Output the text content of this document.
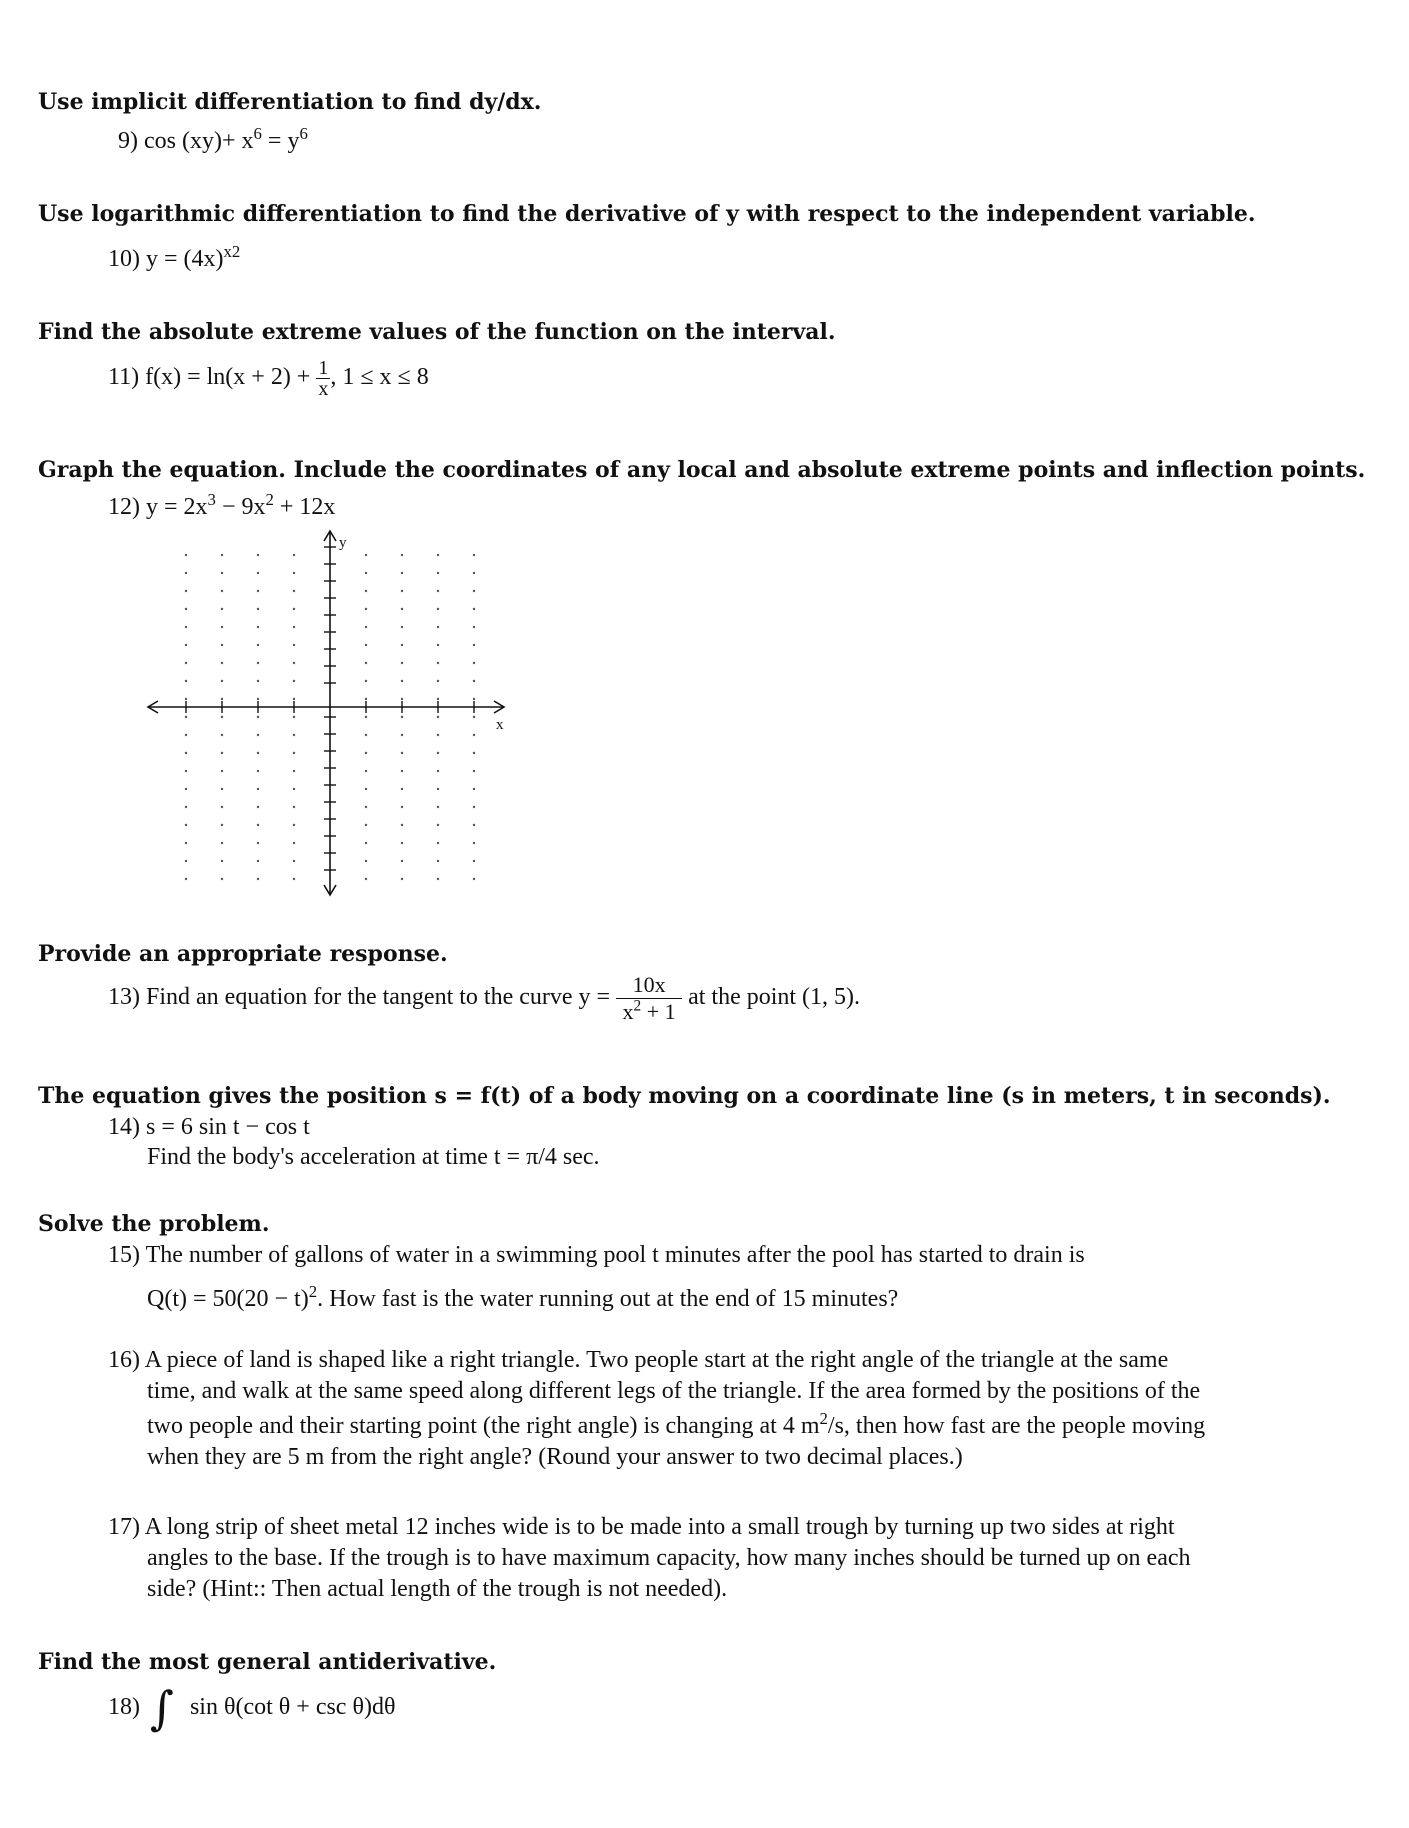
Use implicit differentiation to find dy/dx.
9) $\cos (xy)+ x^6 = y^6$
Use logarithmic differentiation to find the derivative of y with respect to the independent variable.
10) $y = (4x)^{x2}$
Find the absolute extreme values of the function on the interval.
11) $f(x) = \ln(x + 2) + \frac{1}{x}$ , 1 ≤ x ≤ 8
Graph the equation. Include the coordinates of any local and absolute extreme points and inflection points.
12) $y = 2x^3 - 9x^2 + 12x$
y
x
Provide an appropriate response.
13) Find an equation for the tangent to the curve $y = \frac{10x}{x^2 + 1}$ at the point (1, 5).
The equation gives the position s = f(t) of a body moving on a coordinate line (s in meters, t in seconds).
14) s = 6 sin t − cos t
Find the body's acceleration at time t = π/4 sec.
Solve the problem.
15) The number of gallons of water in a swimming pool t minutes after the pool has started to drain is
$Q(t) = 50(20 - t)^2$. How fast is the water running out at the end of 15 minutes?
16) A piece of land is shaped like a right triangle. Two people start at the right angle of the triangle at the same
time, and walk at the same speed along different legs of the triangle. If the area formed by the positions of the
two people and their starting point (the right angle) is changing at 4 $m^2/s$, then how fast are the people moving
when they are 5 m from the right angle? (Round your answer to two decimal places.)
17) A long strip of sheet metal 12 inches wide is to be made into a small trough by turning up two sides at right
angles to the base. If the trough is to have maximum capacity, how many inches should be turned up on each
side? (Hint:: Then actual length of the trough is not needed).
Find the most general antiderivative.
18) ∫ sin θ(cot θ + csc θ)dθ
